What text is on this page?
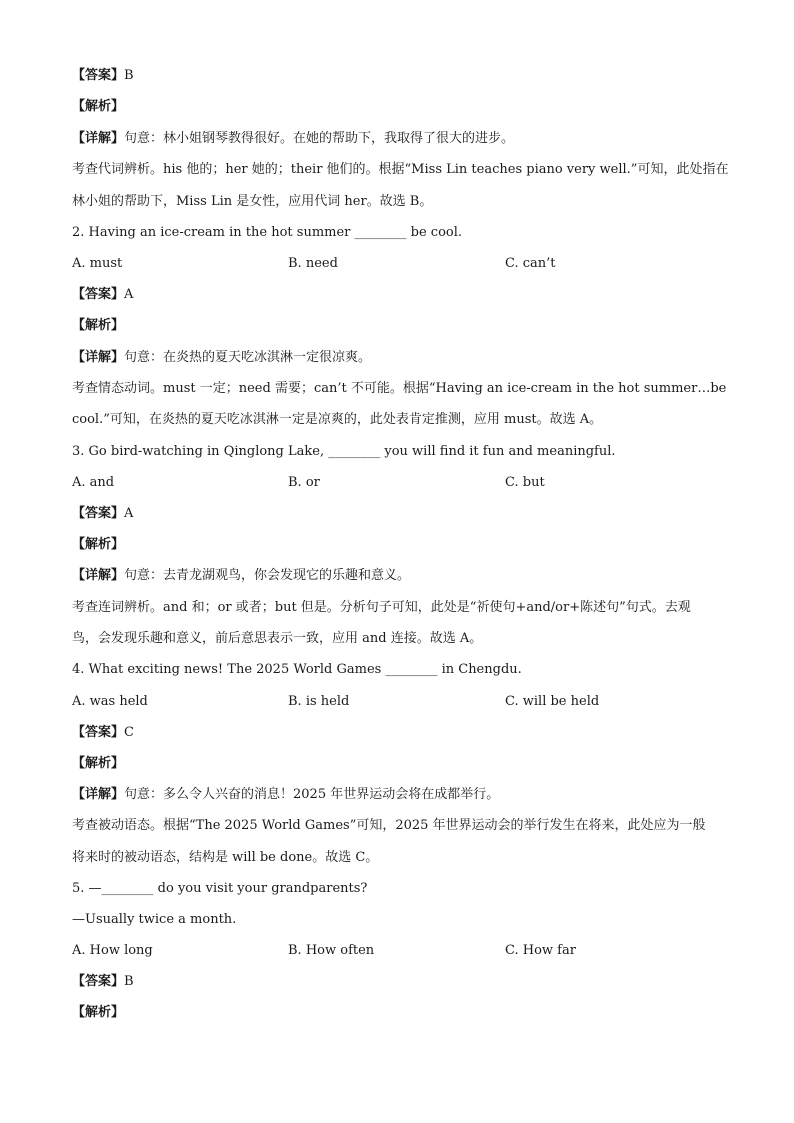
【答案】B
【解析】
【详解】句意：林小姐钢琴教得很好。在她的帮助下，我取得了很大的进步。
考查代词辨析。his 他的；her 她的；their 他们的。根据“Miss Lin teaches piano very well.”可知，此处指在
林小姐的帮助下，Miss Lin 是女性，应用代词 her。故选 B。
2. Having an ice-cream in the hot summer ________ be cool.
A. must	B. need	C. can’t
【答案】A
【解析】
【详解】句意：在炎热的夏天吃冰淇淋一定很凉爽。
考查情态动词。must 一定；need 需要；can’t 不可能。根据“Having an ice-cream in the hot summer…be
cool.”可知，在炎热的夏天吃冰淇淋一定是凉爽的，此处表肯定推测，应用 must。故选 A。
3. Go bird-watching in Qinglong Lake, ________ you will find it fun and meaningful.
A. and	B. or	C. but
【答案】A
【解析】
【详解】句意：去青龙湖观鸟，你会发现它的乐趣和意义。
考查连词辨析。and 和；or 或者；but 但是。分析句子可知，此处是“祈使句+and/or+陈述句”句式。去观
鸟，会发现乐趣和意义，前后意思表示一致，应用 and 连接。故选 A。
4. What exciting news! The 2025 World Games ________ in Chengdu.
A. was held	B. is held	C. will be held
【答案】C
【解析】
【详解】句意：多么令人兴奋的消息！2025 年世界运动会将在成都举行。
考查被动语态。根据“The 2025 World Games”可知，2025 年世界运动会的举行发生在将来，此处应为一般
将来时的被动语态，结构是 will be done。故选 C。
5. —________ do you visit your grandparents?
—Usually twice a month.
A. How long	B. How often	C. How far
【答案】B
【解析】
